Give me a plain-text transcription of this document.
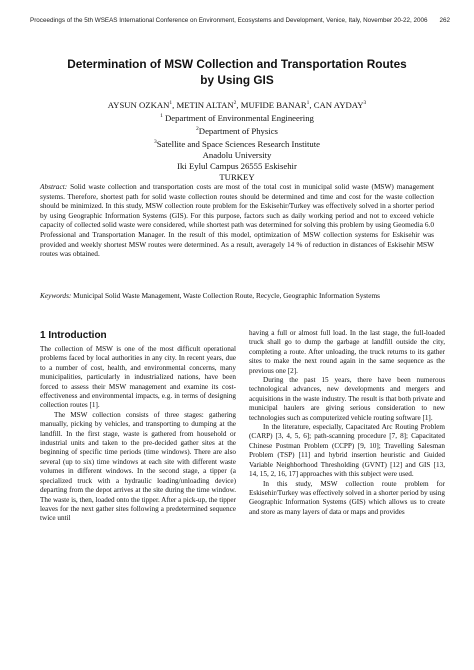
Proceedings of the 5th WSEAS International Conference on Environment, Ecosystems and Development, Venice, Italy, November 20-22, 2006 262
Determination of MSW Collection and Transportation Routes
by Using GIS
AYSUN OZKAN$^1$, METIN ALTAN$^2$, MUFIDE BANAR$^1$, CAN AYDAY$^3$
$^1$ Department of Environmental Engineering
$^2$Department of Physics
$^3$Satellite and Space Sciences Research Institute
Anadolu University
Iki Eylul Campus 26555 Eskisehir
TURKEY
Abstract: Solid waste collection and transportation costs are most of the total cost in municipal solid waste (MSW) management systems. Therefore, shortest path for solid waste collection routes should be determined and time and cost for the waste collection should be minimized. In this study, MSW collection route problem for the Eskisehir/Turkey was effectively solved in a shorter period by using Geographic Information Systems (GIS). For this purpose, factors such as daily working period and not to exceed vehicle capacity of collected solid waste were considered, while shortest path was determined for solving this problem by using Geomedia 6.0 Professional and Transportation Manager. In the result of this model, optimization of MSW collection systems for Eskisehir was provided and weekly shortest MSW routes were determined. As a result, averagely 14 % of reduction in distances of Eskisehir MSW routes was obtained.
Keywords: Municipal Solid Waste Management, Waste Collection Route, Recycle, Geographic Information Systems
1 Introduction

The collection of MSW is one of the most difficult operational problems faced by local authorities in any city. In recent years, due to a number of cost, health, and environmental concerns, many municipalities, particularly in industrialized nations, have been forced to assess their MSW management and examine its cost-effectiveness and environmental impacts, e.g. in terms of designing collection routes [1].

The MSW collection consists of three stages: gathering manually, picking by vehicles, and transporting to dumping at the landfill. In the first stage, waste is gathered from household or industrial units and taken to the pre-decided gather sites at the beginning of specific time periods (time windows). There are also several (up to six) time windows at each site with different waste volumes in different windows. In the second stage, a tipper (a specialized truck with a hydraulic loading/unloading device) departing from the depot arrives at the site during the time window. The waste is, then, loaded onto the tipper. After a pick-up, the tipper leaves for the next gather sites following a predetermined sequence twice until

having a full or almost full load. In the last stage, the full-loaded truck shall go to dump the garbage at landfill outside the city, completing a route. After unloading, the truck returns to its gather sites to make the next round again in the same sequence as the previous one [2].

During the past 15 years, there have been numerous technological advances, new developments and mergers and acquisitions in the waste industry. The result is that both private and municipal haulers are giving serious consideration to new technologies such as computerized vehicle routing software [1].

In the literature, especially, Capacitated Arc Routing Problem (CARP) [3, 4, 5, 6]; path-scanning procedure [7, 8]; Capacitated Chinese Postman Problem (CCPP) [9, 10]; Travelling Salesman Problem (TSP) [11] and hybrid insertion heuristic and Guided Variable Neighborhood Thresholding (GVNT) [12] and GIS [13, 14, 15, 2, 16, 17] approaches with this subject were used.

In this study, MSW collection route problem for Eskisehir/Turkey was effectively solved in a shorter period by using Geographic Information Systems (GIS) which allows us to create and store as many layers of data or maps and provides
